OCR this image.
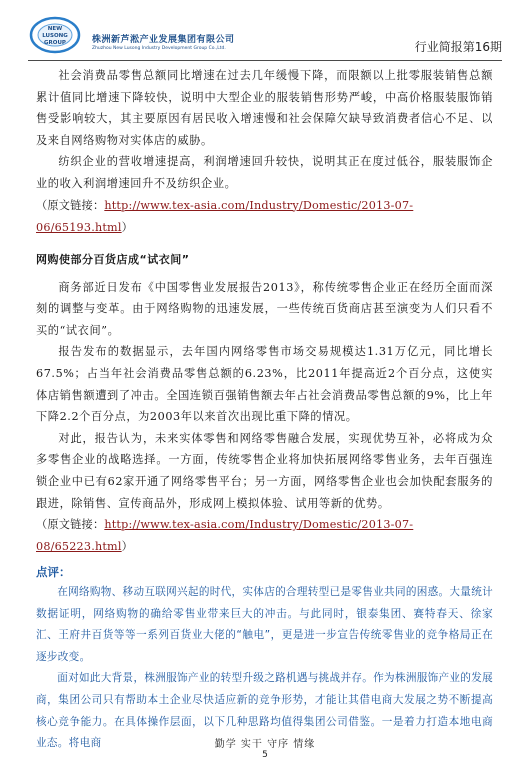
NEW
LUSONG
GROUP	株洲新芦淞产业发展集团有限公司
Zhuzhou New Lusong Industry Development Group Co.,Ltd.	行业简报第16期

社会消费品零售总额同比增速在过去几年缓慢下降，而限额以上批零服装销售总额累计值同比增速下降较快，说明中大型企业的服装销售形势严峻，中高价格服装服饰销售受影响较大，其主要原因有居民收入增速慢和社会保障欠缺导致消费者信心不足、以及来自网络购物对实体店的威胁。

纺织企业的营收增速提高，利润增速回升较快，说明其正在度过低谷，服装服饰企业的收入利润增速回升不及纺织企业。

（原文链接：http://www.tex-asia.com/Industry/Domestic/2013-07-06/65193.html）

网购使部分百货店成“试衣间”

商务部近日发布《中国零售业发展报告2013》，称传统零售企业正在经历全面而深刻的调整与变革。由于网络购物的迅速发展，一些传统百货商店甚至演变为人们只看不买的“试衣间”。

报告发布的数据显示，去年国内网络零售市场交易规模达1.31万亿元，同比增长67.5%；占当年社会消费品零售总额的6.23%，比2011年提高近2个百分点，这使实体店销售额遭到了冲击。全国连锁百强销售额去年占社会消费品零售总额的9%，比上年下降2.2个百分点，为2003年以来首次出现比重下降的情况。

对此，报告认为，未来实体零售和网络零售融合发展，实现优势互补，必将成为众多零售企业的战略选择。一方面，传统零售企业将加快拓展网络零售业务，去年百强连锁企业中已有62家开通了网络零售平台；另一方面，网络零售企业也会加快配套服务的跟进，除销售、宣传商品外，形成网上模拟体验、试用等新的优势。

（原文链接：http://www.tex-asia.com/Industry/Domestic/2013-07-08/65223.html）

点评：

在网络购物、移动互联网兴起的时代，实体店的合理转型已是零售业共同的困惑。大量统计数据证明，网络购物的确给零售业带来巨大的冲击。与此同时，银泰集团、赛特春天、徐家汇、王府井百货等等一系列百货业大佬的“触电”，更是进一步宣告传统零售业的竞争格局正在逐步改变。

面对如此大背景，株洲服饰产业的转型升级之路机遇与挑战并存。作为株洲服饰产业的发展商，集团公司只有帮助本土企业尽快适应新的竞争形势，才能让其借电商大发展之势不断提高核心竞争能力。在具体操作层面，以下几种思路均值得集团公司借鉴。一是着力打造本地电商业态。将电商	勤学 实干 守序 情缘
5
